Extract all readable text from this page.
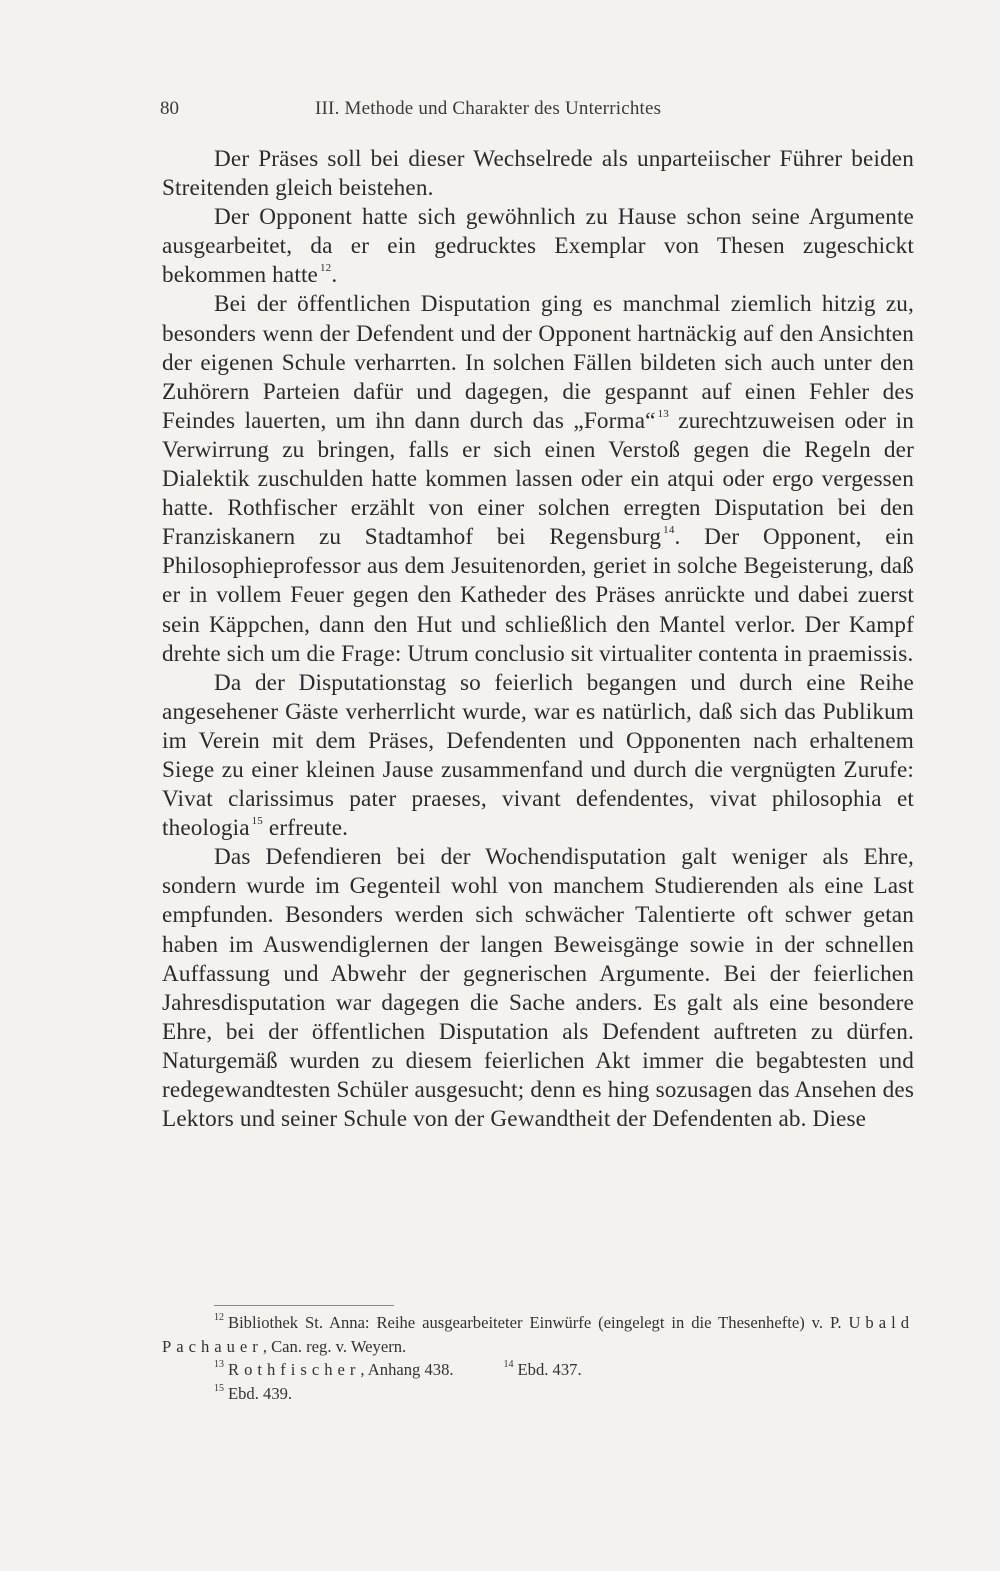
80	III. Methode und Charakter des Unterrichtes

Der Präses soll bei dieser Wechselrede als unparteiischer Führer beiden Streitenden gleich beistehen.

Der Opponent hatte sich gewöhnlich zu Hause schon seine Argumente ausgearbeitet, da er ein gedrucktes Exemplar von Thesen zugeschickt bekommen hatte $^{12}$.

Bei der öffentlichen Disputation ging es manchmal ziemlich hitzig zu, besonders wenn der Defendent und der Opponent hartnäckig auf den Ansichten der eigenen Schule verharrten. In solchen Fällen bildeten sich auch unter den Zuhörern Parteien dafür und dagegen, die gespannt auf einen Fehler des Feindes lauerten, um ihn dann durch das „Forma“ $^{13}$ zurechtzuweisen oder in Verwirrung zu bringen, falls er sich einen Verstoß gegen die Regeln der Dialektik zuschulden hatte kommen lassen oder ein atqui oder ergo vergessen hatte. Rothfischer erzählt von einer solchen erregten Disputation bei den Franziskanern zu Stadtamhof bei Regensburg $^{14}$. Der Opponent, ein Philosophieprofessor aus dem Jesuitenorden, geriet in solche Begeisterung, daß er in vollem Feuer gegen den Katheder des Präses anrückte und dabei zuerst sein Käppchen, dann den Hut und schließlich den Mantel verlor. Der Kampf drehte sich um die Frage: Utrum conclusio sit virtualiter contenta in praemissis.

Da der Disputationstag so feierlich begangen und durch eine Reihe angesehener Gäste verherrlicht wurde, war es natürlich, daß sich das Publikum im Verein mit dem Präses, Defendenten und Opponenten nach erhaltenem Siege zu einer kleinen Jause zusammenfand und durch die vergnügten Zurufe: Vivat clarissimus pater praeses, vivant defendentes, vivat philosophia et theologia $^{15}$ erfreute.

Das Defendieren bei der Wochendisputation galt weniger als Ehre, sondern wurde im Gegenteil wohl von manchem Studierenden als eine Last empfunden. Besonders werden sich schwächer Talentierte oft schwer getan haben im Auswendiglernen der langen Beweisgänge sowie in der schnellen Auffassung und Abwehr der gegnerischen Argumente. Bei der feierlichen Jahresdisputation war dagegen die Sache anders. Es galt als eine besondere Ehre, bei der öffentlichen Disputation als Defendent auftreten zu dürfen. Naturgemäß wurden zu diesem feierlichen Akt immer die begabtesten und redegewandtesten Schüler ausgesucht; denn es hing sozusagen das Ansehen des Lektors und seiner Schule von der Gewandtheit der Defendenten ab. Diese

$^{12}$ Bibliothek St. Anna: Reihe ausgearbeiteter Einwürfe (eingelegt in die Thesenhefte) v. P. Ubald Pachauer, Can. reg. v. Weyern.

$^{13}$ Rothfischer, Anhang 438.	$^{14}$ Ebd. 437.

$^{15}$ Ebd. 439.
